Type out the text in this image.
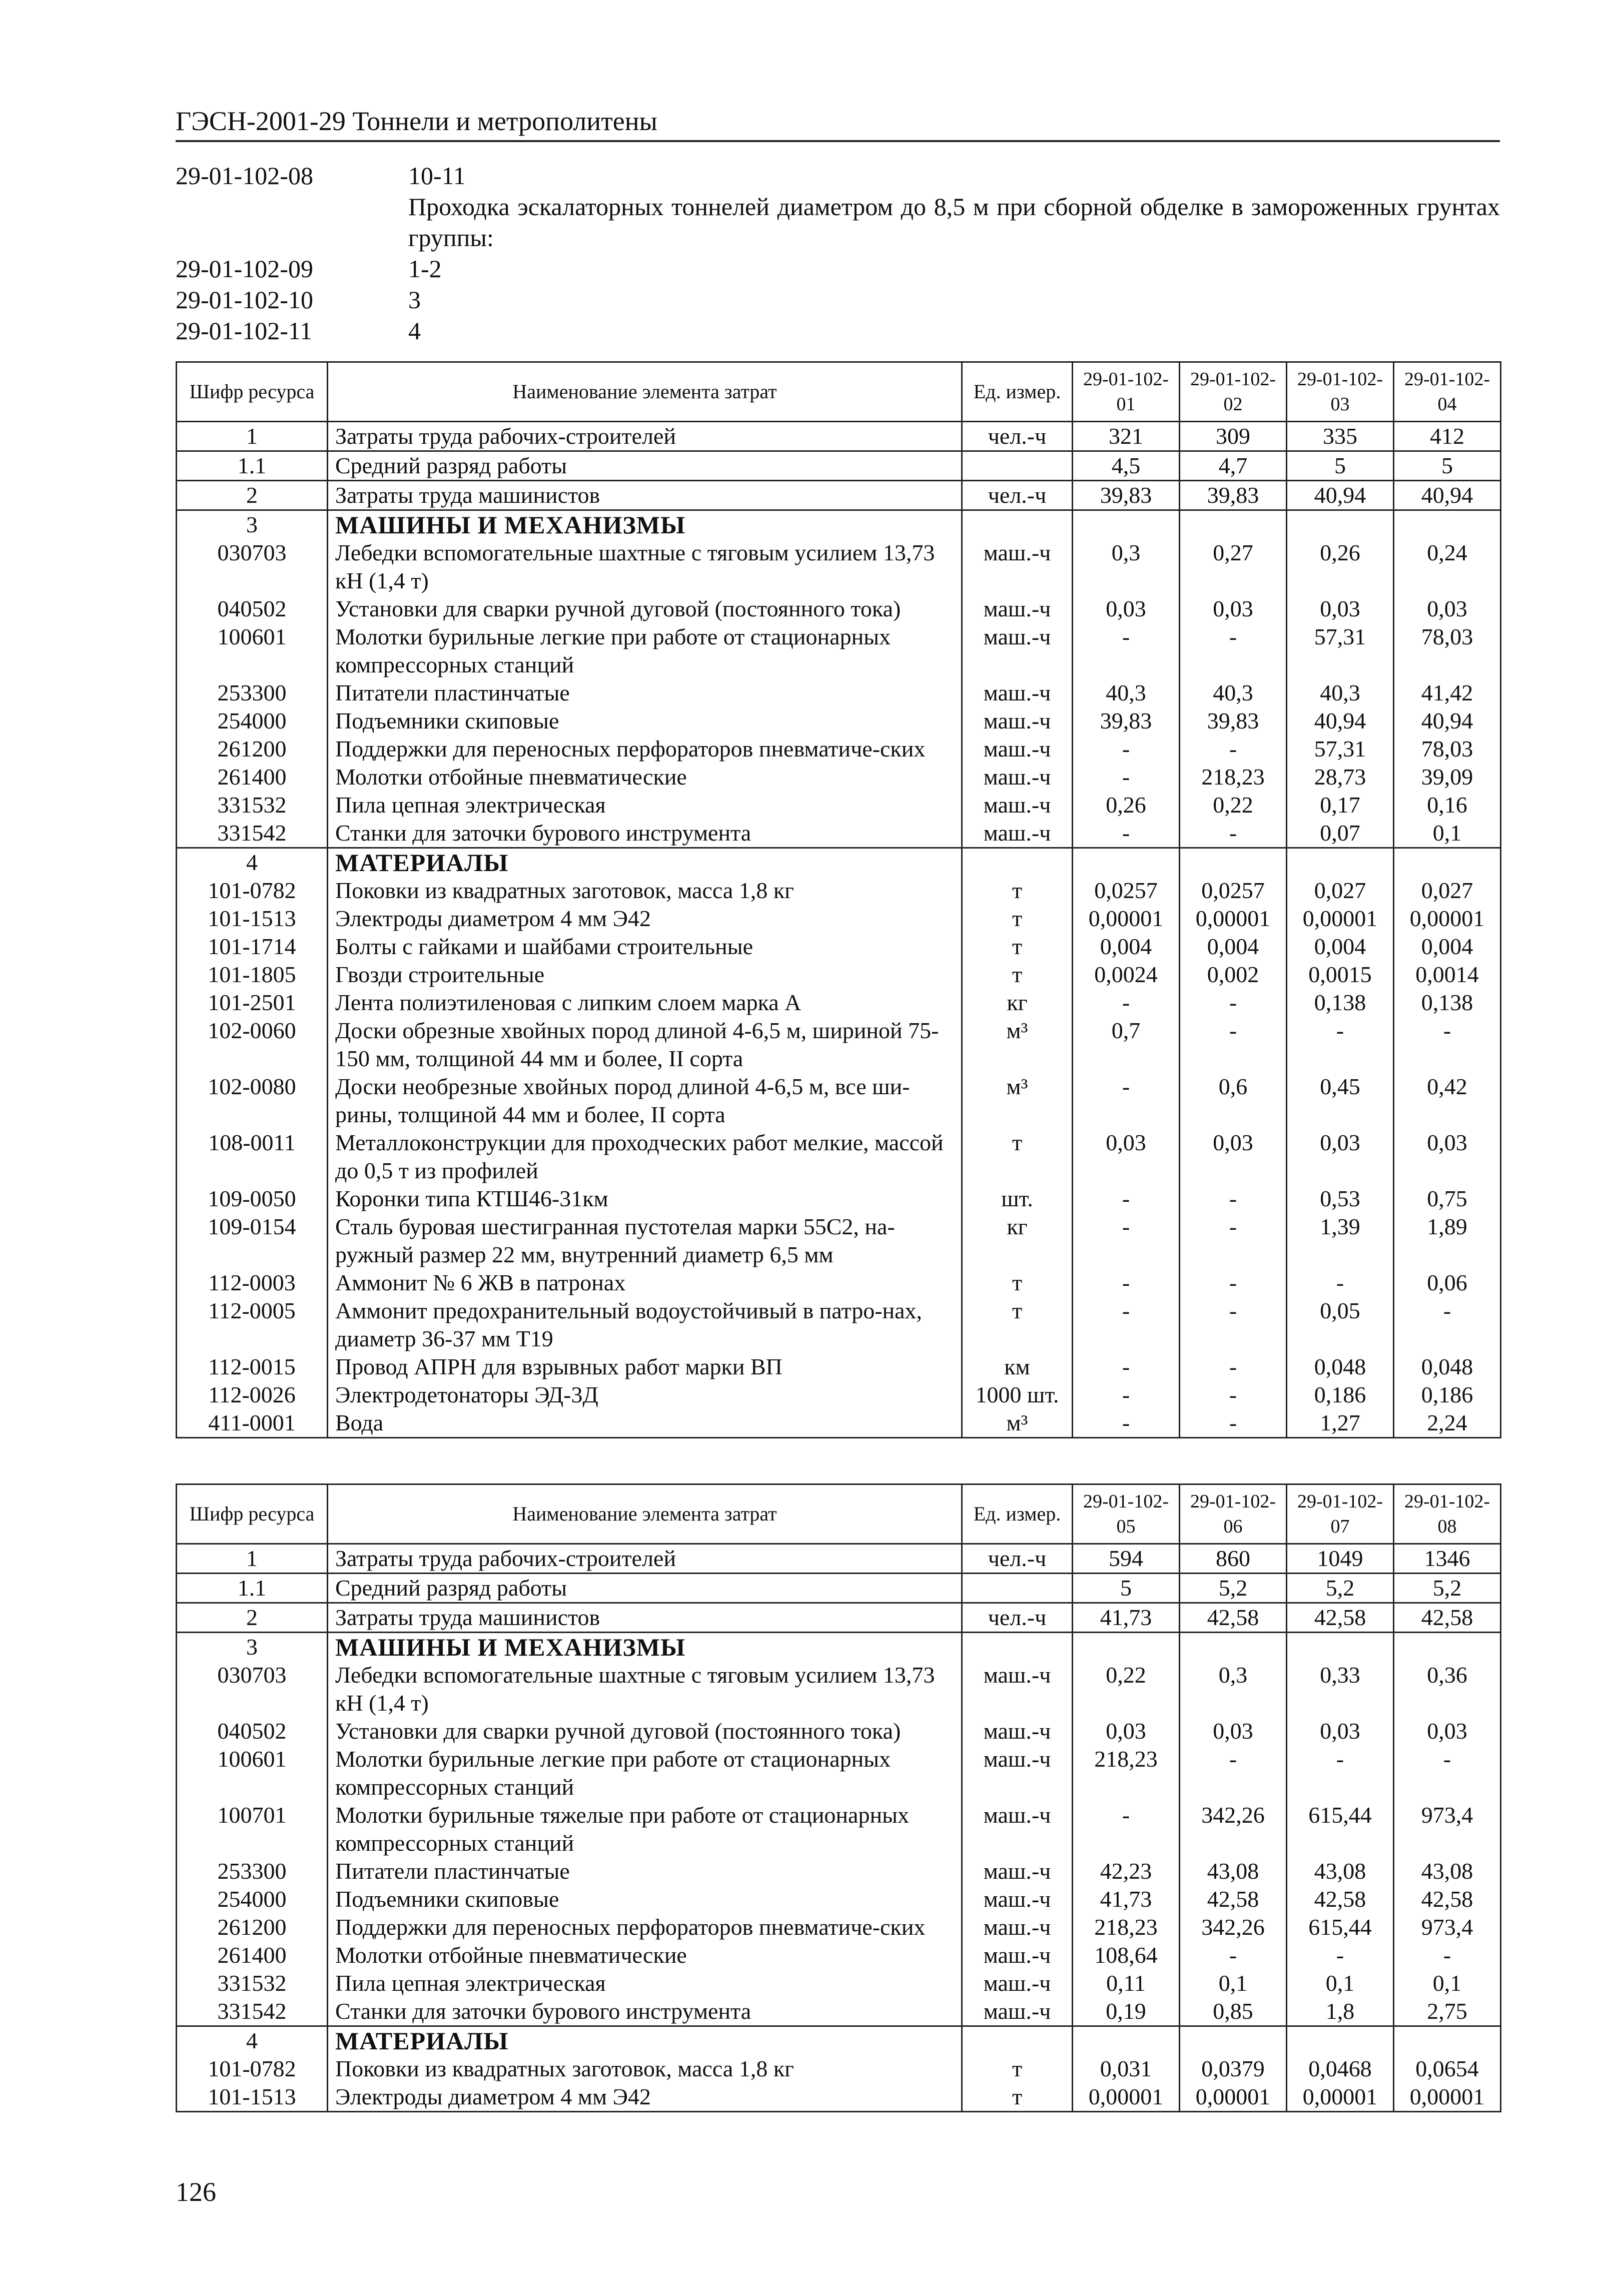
ГЭСН-2001-29 Тоннели и метрополитены
29-01-102-08	10-11
Проходка эскалаторных тоннелей диаметром до 8,5 м при сборной обделке в замороженных грунтах группы:
29-01-102-09	1-2
29-01-102-10	3
29-01-102-11	4
Шифр ресурса	Наименование элемента затрат	Ед. измер.	29-01-102-01	29-01-102-02	29-01-102-03	29-01-102-04
1	Затраты труда рабочих-строителей	чел.-ч	321	309	335	412
1.1	Средний разряд работы		4,5	4,7	5	5
2	Затраты труда машинистов	чел.-ч	39,83	39,83	40,94	40,94
3	МАШИНЫ И МЕХАНИЗМЫ					
030703	Лебедки вспомогательные шахтные с тяговым усилием 13,73 кН (1,4 т)	маш.-ч	0,3	0,27	0,26	0,24
040502	Установки для сварки ручной дуговой (постоянного тока)	маш.-ч	0,03	0,03	0,03	0,03
100601	Молотки бурильные легкие при работе от стационарных компрессорных станций	маш.-ч	-	-	57,31	78,03
253300	Питатели пластинчатые	маш.-ч	40,3	40,3	40,3	41,42
254000	Подъемники скиповые	маш.-ч	39,83	39,83	40,94	40,94
261200	Поддержки для переносных перфораторов пневматиче-ских	маш.-ч	-	-	57,31	78,03
261400	Молотки отбойные пневматические	маш.-ч	-	218,23	28,73	39,09
331532	Пила цепная электрическая	маш.-ч	0,26	0,22	0,17	0,16
331542	Станки для заточки бурового инструмента	маш.-ч	-	-	0,07	0,1
4	МАТЕРИАЛЫ					
101-0782	Поковки из квадратных заготовок, масса 1,8 кг	т	0,0257	0,0257	0,027	0,027
101-1513	Электроды диаметром 4 мм Э42	т	0,00001	0,00001	0,00001	0,00001
101-1714	Болты с гайками и шайбами строительные	т	0,004	0,004	0,004	0,004
101-1805	Гвозди строительные	т	0,0024	0,002	0,0015	0,0014
101-2501	Лента полиэтиленовая с липким слоем марка А	кг	-	-	0,138	0,138
102-0060	Доски обрезные хвойных пород длиной 4-6,5 м, шириной 75-150 мм, толщиной 44 мм и более, II сорта	м³	0,7	-	-	-
102-0080	Доски необрезные хвойных пород длиной 4-6,5 м, все ши-рины, толщиной 44 мм и более, II сорта	м³	-	0,6	0,45	0,42
108-0011	Металлоконструкции для проходческих работ мелкие, массой до 0,5 т из профилей	т	0,03	0,03	0,03	0,03
109-0050	Коронки типа КТШ46-31км	шт.	-	-	0,53	0,75
109-0154	Сталь буровая шестигранная пустотелая марки 55С2, на-ружный размер 22 мм, внутренний диаметр 6,5 мм	кг	-	-	1,39	1,89
112-0003	Аммонит № 6 ЖВ в патронах	т	-	-	-	0,06
112-0005	Аммонит предохранительный водоустойчивый в патро-нах, диаметр 36-37 мм Т19	т	-	-	0,05	-
112-0015	Провод АПРН для взрывных работ марки ВП	км	-	-	0,048	0,048
112-0026	Электродетонаторы ЭД-3Д	1000 шт.	-	-	0,186	0,186
411-0001	Вода	м³	-	-	1,27	2,24
Шифр ресурса	Наименование элемента затрат	Ед. измер.	29-01-102-05	29-01-102-06	29-01-102-07	29-01-102-08
1	Затраты труда рабочих-строителей	чел.-ч	594	860	1049	1346
1.1	Средний разряд работы		5	5,2	5,2	5,2
2	Затраты труда машинистов	чел.-ч	41,73	42,58	42,58	42,58
3	МАШИНЫ И МЕХАНИЗМЫ					
030703	Лебедки вспомогательные шахтные с тяговым усилием 13,73 кН (1,4 т)	маш.-ч	0,22	0,3	0,33	0,36
040502	Установки для сварки ручной дуговой (постоянного тока)	маш.-ч	0,03	0,03	0,03	0,03
100601	Молотки бурильные легкие при работе от стационарных компрессорных станций	маш.-ч	218,23	-	-	-
100701	Молотки бурильные тяжелые при работе от стационарных компрессорных станций	маш.-ч	-	342,26	615,44	973,4
253300	Питатели пластинчатые	маш.-ч	42,23	43,08	43,08	43,08
254000	Подъемники скиповые	маш.-ч	41,73	42,58	42,58	42,58
261200	Поддержки для переносных перфораторов пневматиче-ских	маш.-ч	218,23	342,26	615,44	973,4
261400	Молотки отбойные пневматические	маш.-ч	108,64	-	-	-
331532	Пила цепная электрическая	маш.-ч	0,11	0,1	0,1	0,1
331542	Станки для заточки бурового инструмента	маш.-ч	0,19	0,85	1,8	2,75
4	МАТЕРИАЛЫ					
101-0782	Поковки из квадратных заготовок, масса 1,8 кг	т	0,031	0,0379	0,0468	0,0654
101-1513	Электроды диаметром 4 мм Э42	т	0,00001	0,00001	0,00001	0,00001
126
